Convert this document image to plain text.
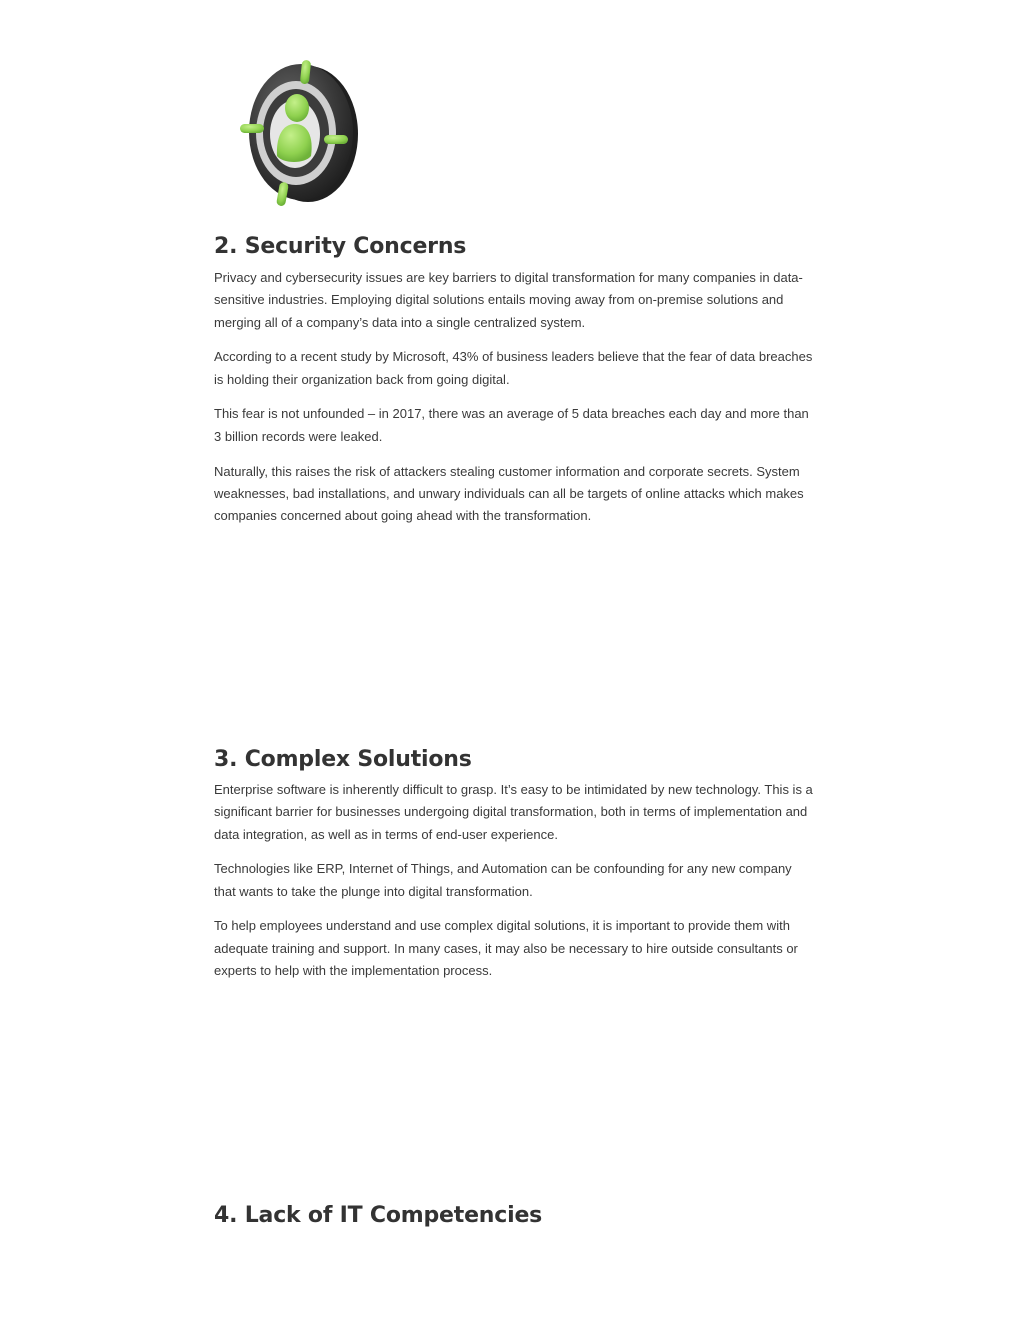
2. Security Concerns

Privacy and cybersecurity issues are key barriers to digital transformation for many companies in data-sensitive industries. Employing digital solutions entails moving away from on-premise solutions and merging all of a company’s data into a single centralized system.

According to a recent study by Microsoft, 43% of business leaders believe that the fear of data breaches is holding their organization back from going digital.

This fear is not unfounded – in 2017, there was an average of 5 data breaches each day and more than 3 billion records were leaked.

Naturally, this raises the risk of attackers stealing customer information and corporate secrets. System weaknesses, bad installations, and unwary individuals can all be targets of online attacks which makes companies concerned about going ahead with the transformation.

3. Complex Solutions

Enterprise software is inherently difficult to grasp. It’s easy to be intimidated by new technology. This is a significant barrier for businesses undergoing digital transformation, both in terms of implementation and data integration, as well as in terms of end-user experience.

Technologies like ERP, Internet of Things, and Automation can be confounding for any new company that wants to take the plunge into digital transformation.

To help employees understand and use complex digital solutions, it is important to provide them with adequate training and support. In many cases, it may also be necessary to hire outside consultants or experts to help with the implementation process.

4. Lack of IT Competencies
